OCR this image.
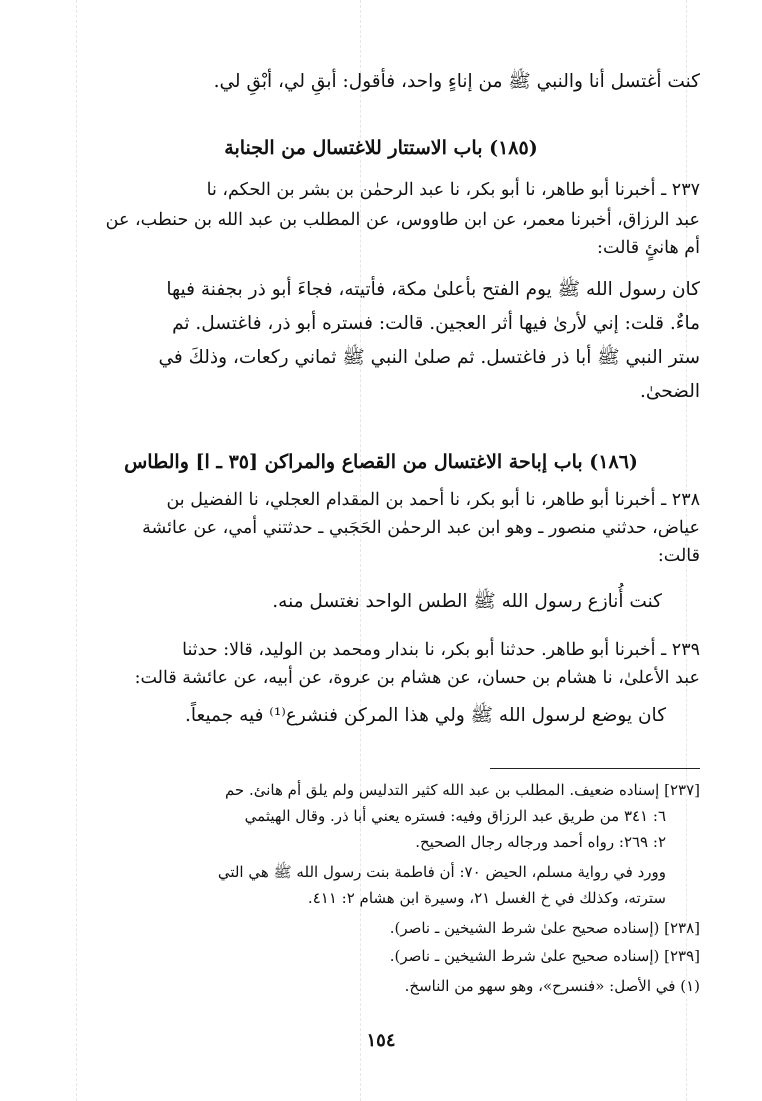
كنت أغتسل أنا والنبي ﷺ من إناءٍ واحد، فأقول: أبقِ لي، أبْقِ لي.
(١٨٥) باب الاستتار للاغتسال من الجنابة
٢٣٧ ـ أخبرنا أبو طاهر، نا أبو بكر، نا عبد الرحمٰن بن بشر بن الحكم، نا
عبد الرزاق، أخبرنا معمر، عن ابن طاووس، عن المطلب بن عبد الله بن حنطب، عن
أم هانئٍ قالت:
كان رسول الله ﷺ يوم الفتح بأعلىٰ مكة، فأتيته، فجاءَ أبو ذر بجفنة فيها
ماءٌ. قلت: إني لأرىٰ فيها أثر العجين. قالت: فستره أبو ذر، فاغتسل. ثم
ستر النبي ﷺ أبا ذر فاغتسل. ثم صلىٰ النبي ﷺ ثماني ركعات، وذلكَ في
الضحىٰ.
(١٨٦) باب إباحة الاغتسال من القصاع والمراكن [٣٥ ـ ا] والطاس
٢٣٨ ـ أخبرنا أبو طاهر، نا أبو بكر، نا أحمد بن المقدام العجلي، نا الفضيل بن
عياض، حدثني منصور ـ وهو ابن عبد الرحمٰن الحَجَبي ـ حدثتني أمي، عن عائشة
قالت:
كنت أُنازع رسول الله ﷺ الطس الواحد نغتسل منه.
٢٣٩ ـ أخبرنا أبو طاهر. حدثنا أبو بكر، نا بندار ومحمد بن الوليد، قالا: حدثنا
عبد الأعلىٰ، نا هشام بن حسان، عن هشام بن عروة، عن أبيه، عن عائشة قالت:
كان يوضع لرسول الله ﷺ ولي هذا المركن فنشرع⁽¹⁾ فيه جميعاً.
[٢٣٧] إسناده ضعيف. المطلب بن عبد الله كثير التدليس ولم يلق أم هانئ. حم
٦: ٣٤١ من طريق عبد الرزاق وفيه: فستره يعني أبا ذر. وقال الهيثمي
٢: ٢٦٩: رواه أحمد ورجاله رجال الصحيح.
وورد في رواية مسلم، الحيض ٧٠: أن فاطمة بنت رسول الله ﷺ هي التي
سترته، وكذلك في خ الغسل ٢١، وسيرة ابن هشام ٢: ٤١١.
[٢٣٨] (إسناده صحيح علىٰ شرط الشيخين ـ ناصر).
[٢٣٩] (إسناده صحيح علىٰ شرط الشيخين ـ ناصر).
(١) في الأصل: «فنسرح»، وهو سهو من الناسخ.
١٥٤
